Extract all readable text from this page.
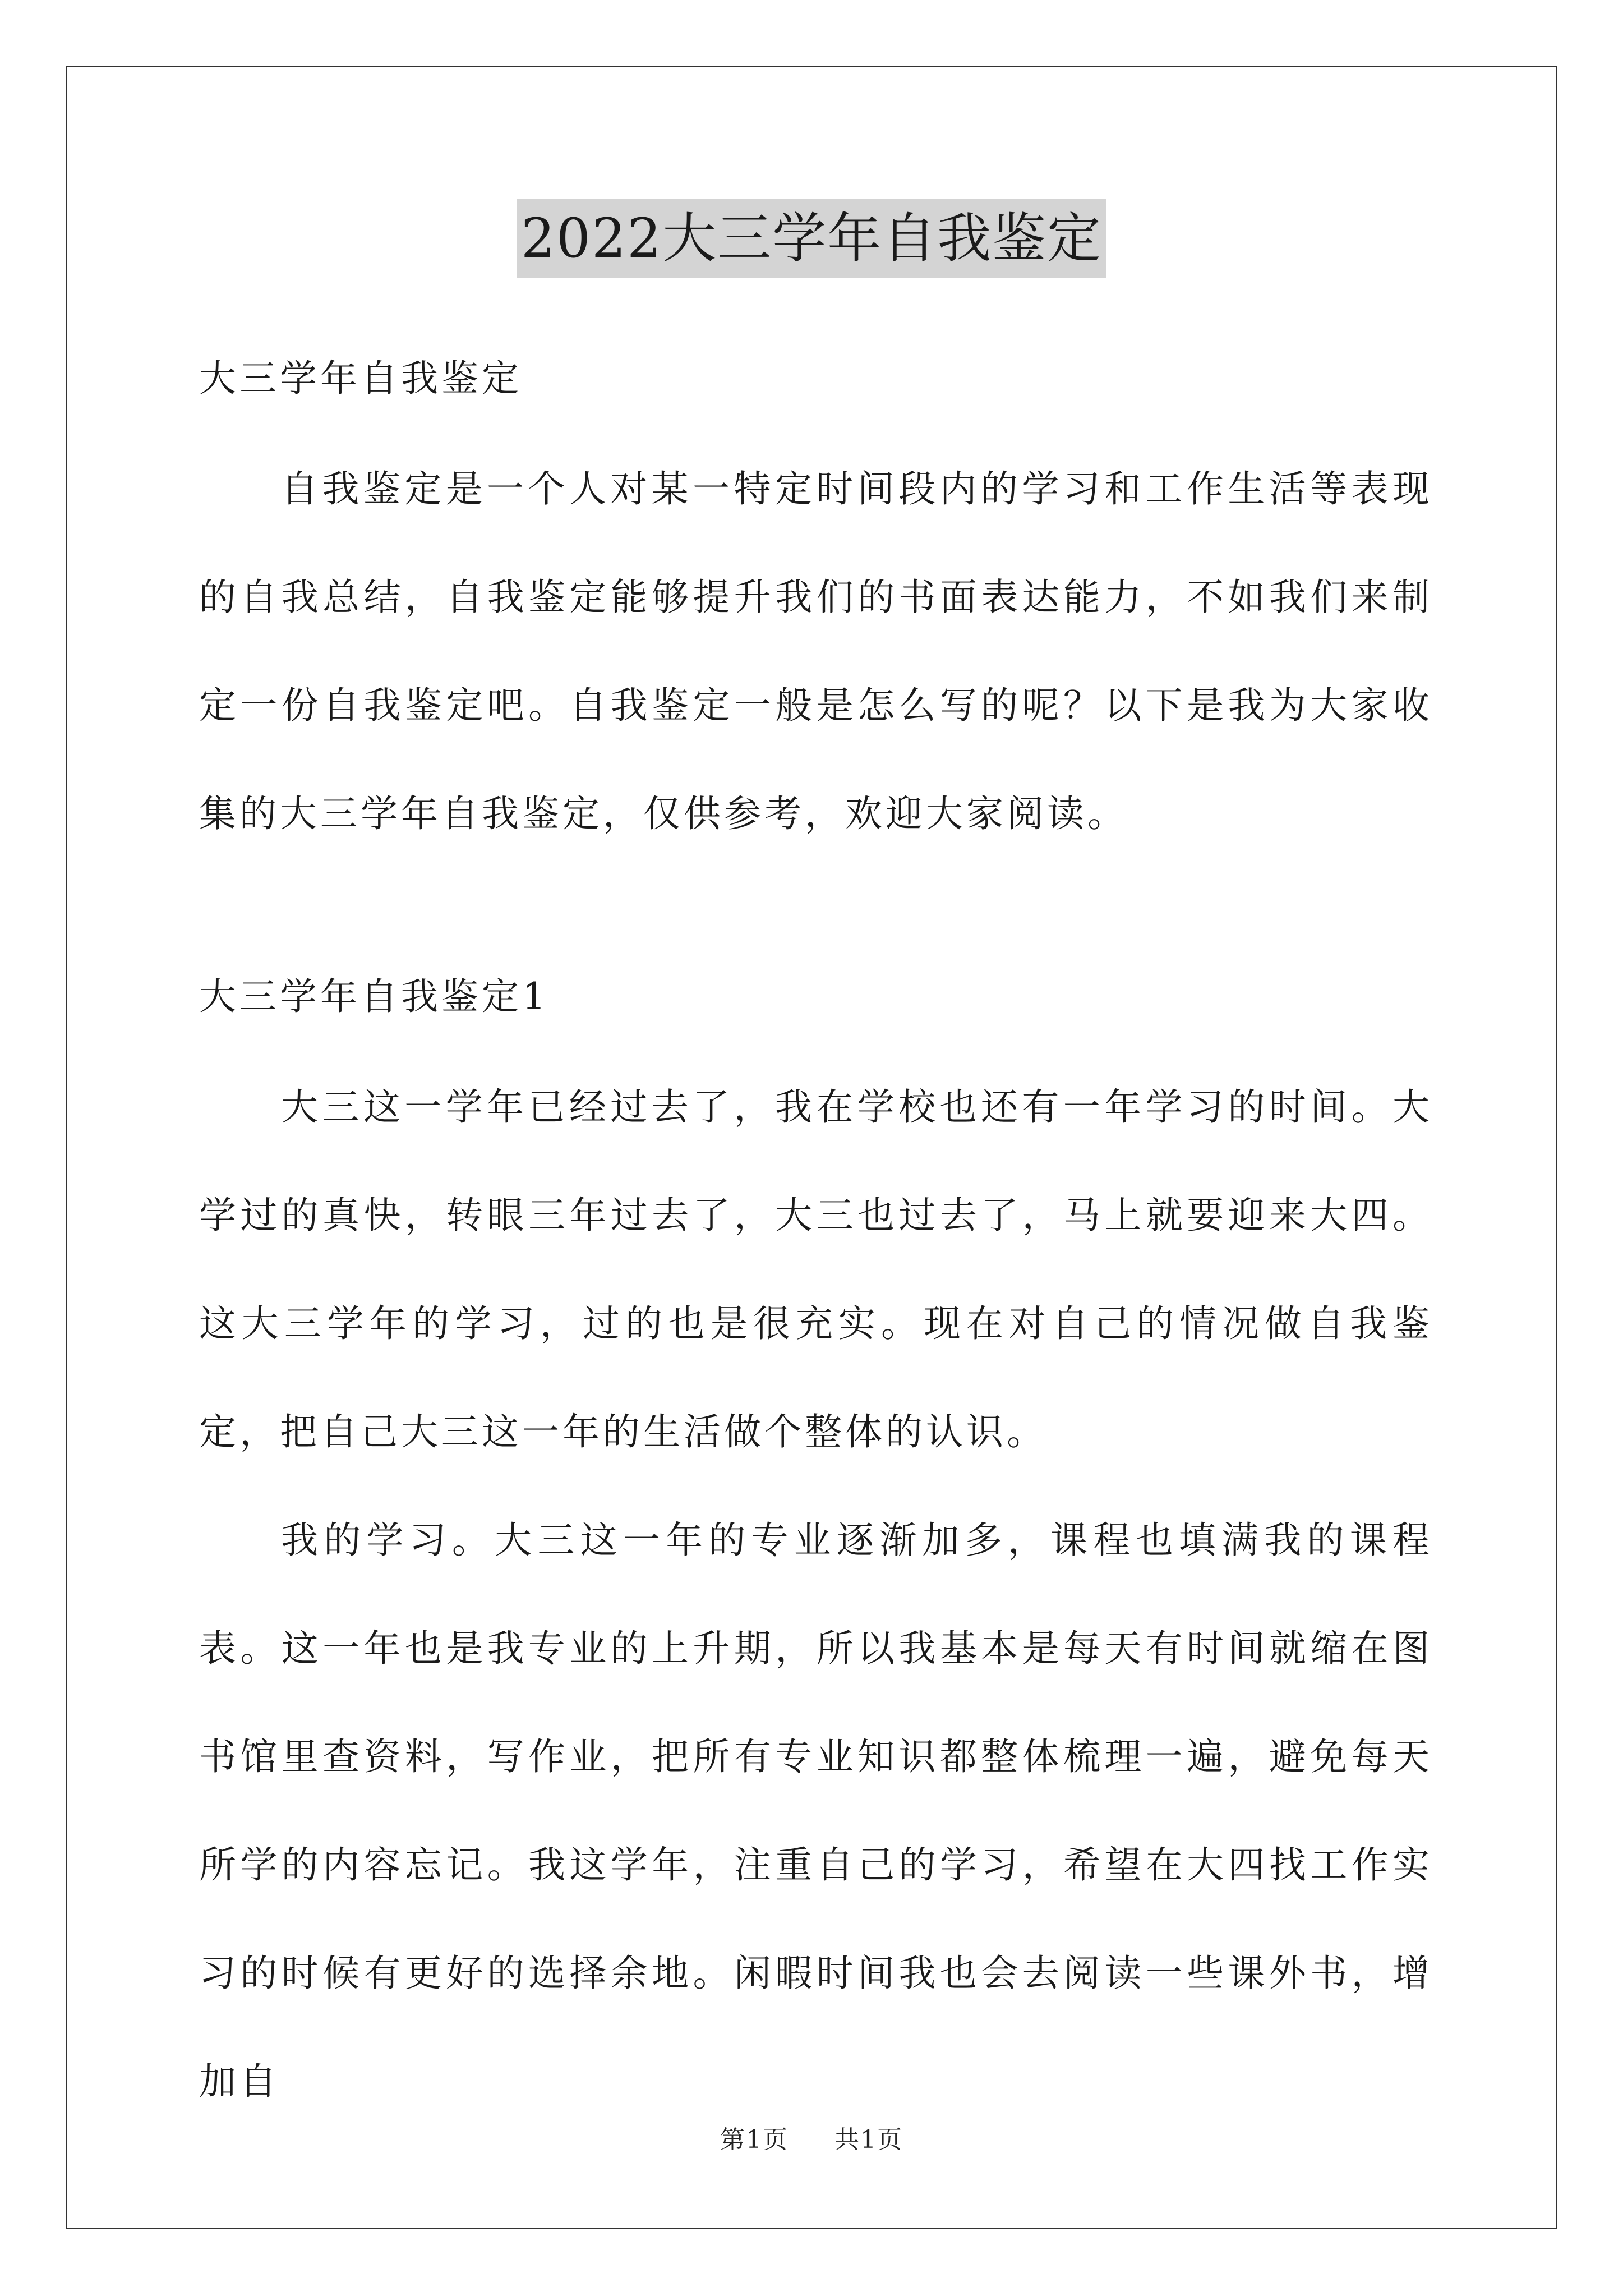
2022大三学年自我鉴定

大三学年自我鉴定

自我鉴定是一个人对某一特定时间段内的学习和工作生活等表现的自我总结，自我鉴定能够提升我们的书面表达能力，不如我们来制定一份自我鉴定吧。自我鉴定一般是怎么写的呢？以下是我为大家收集的大三学年自我鉴定，仅供参考，欢迎大家阅读。

大三学年自我鉴定1

大三这一学年已经过去了，我在学校也还有一年学习的时间。大学过的真快，转眼三年过去了，大三也过去了，马上就要迎来大四。这大三学年的学习，过的也是很充实。现在对自己的情况做自我鉴定，把自己大三这一年的生活做个整体的认识。

我的学习。大三这一年的专业逐渐加多，课程也填满我的课程表。这一年也是我专业的上升期，所以我基本是每天有时间就缩在图书馆里查资料，写作业，把所有专业知识都整体梳理一遍，避免每天所学的内容忘记。我这学年，注重自己的学习，希望在大四找工作实习的时候有更好的选择余地。闲暇时间我也会去阅读一些课外书，增加自

第1页 共1页
